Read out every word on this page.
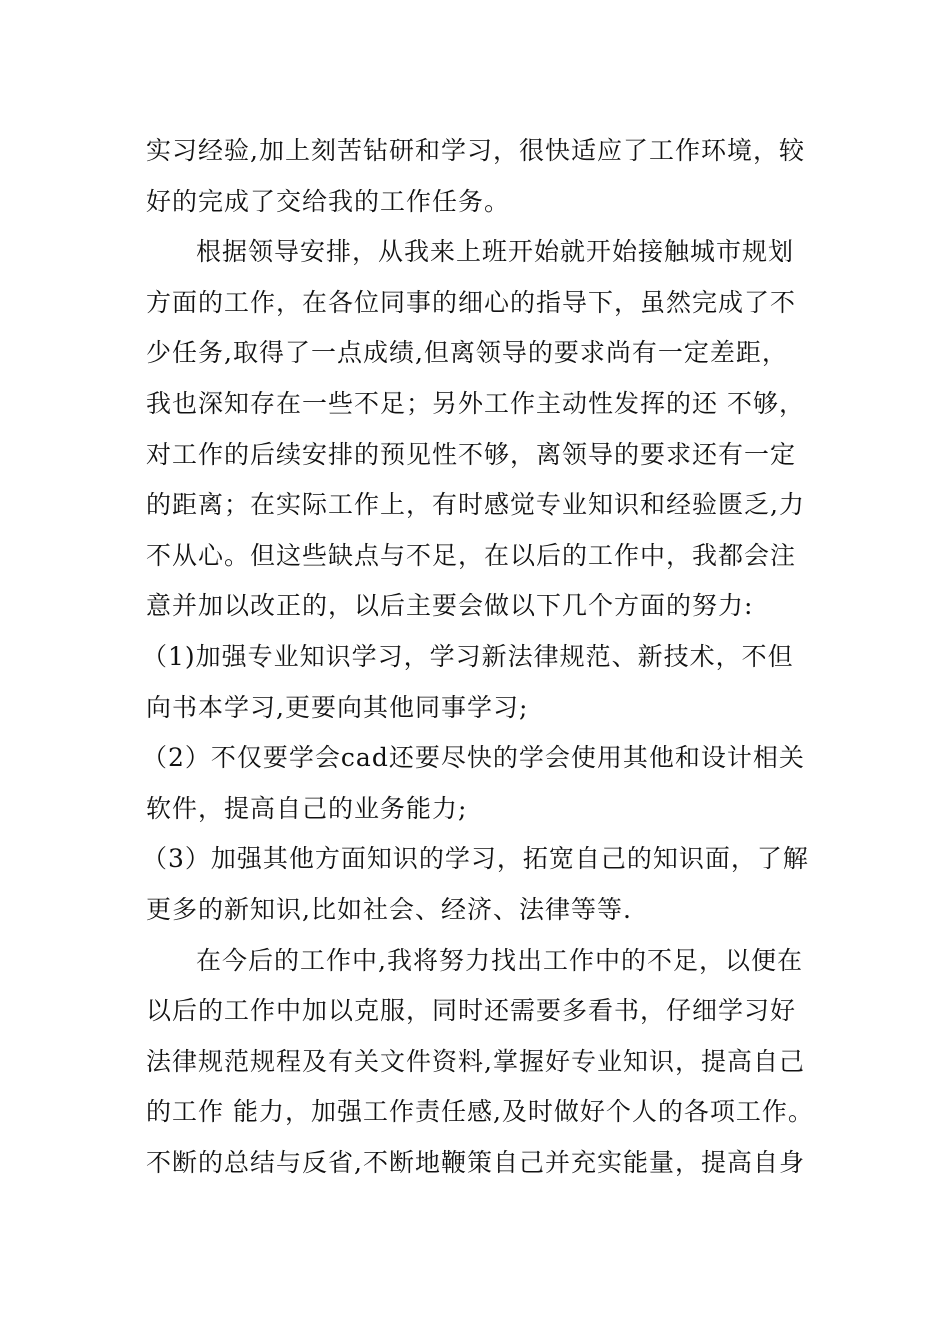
实习经验,加上刻苦钻研和学习，很快适应了工作环境，较
好的完成了交给我的工作任务。
根据领导安排，从我来上班开始就开始接触城市规划
方面的工作，在各位同事的细心的指导下，虽然完成了不
少任务,取得了一点成绩,但离领导的要求尚有一定差距，
我也深知存在一些不足；另外工作主动性发挥的还 不够，
对工作的后续安排的预见性不够，离领导的要求还有一定
的距离；在实际工作上，有时感觉专业知识和经验匮乏,力
不从心。但这些缺点与不足，在以后的工作中，我都会注
意并加以改正的，以后主要会做以下几个方面的努力:
（1)加强专业知识学习，学习新法律规范、新技术，不但
向书本学习,更要向其他同事学习;
（2）不仅要学会cad还要尽快的学会使用其他和设计相关
软件，提高自己的业务能力;
（3）加强其他方面知识的学习，拓宽自己的知识面，了解
更多的新知识,比如社会、经济、法律等等.
在今后的工作中,我将努力找出工作中的不足，以便在
以后的工作中加以克服，同时还需要多看书，仔细学习好
法律规范规程及有关文件资料,掌握好专业知识，提高自己
的工作 能力，加强工作责任感,及时做好个人的各项工作。
不断的总结与反省,不断地鞭策自己并充实能量，提高自身
